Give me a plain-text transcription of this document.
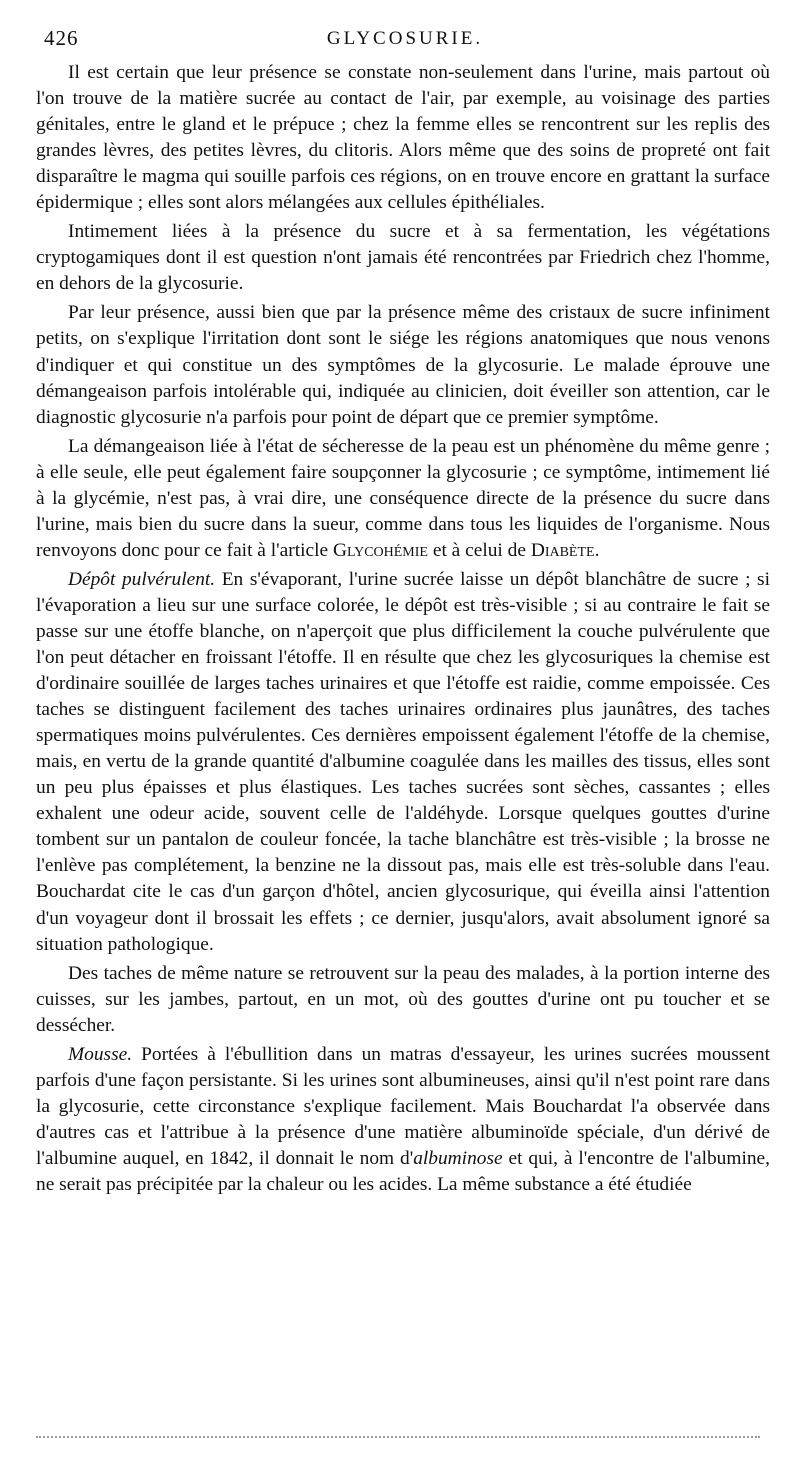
426	GLYCOSURIE.

Il est certain que leur présence se constate non-seulement dans l'urine, mais partout où l'on trouve de la matière sucrée au contact de l'air, par exemple, au voisinage des parties génitales, entre le gland et le prépuce ; chez la femme elles se rencontrent sur les replis des grandes lèvres, des petites lèvres, du clitoris. Alors même que des soins de propreté ont fait disparaître le magma qui souille parfois ces régions, on en trouve encore en grattant la surface épidermique ; elles sont alors mélangées aux cellules épithéliales.

Intimement liées à la présence du sucre et à sa fermentation, les végétations cryptogamiques dont il est question n'ont jamais été rencontrées par Friedrich chez l'homme, en dehors de la glycosurie.

Par leur présence, aussi bien que par la présence même des cristaux de sucre infiniment petits, on s'explique l'irritation dont sont le siége les régions anatomiques que nous venons d'indiquer et qui constitue un des symptômes de la glycosurie. Le malade éprouve une démangeaison parfois intolérable qui, indiquée au clinicien, doit éveiller son attention, car le diagnostic glycosurie n'a parfois pour point de départ que ce premier symptôme.

La démangeaison liée à l'état de sécheresse de la peau est un phénomène du même genre ; à elle seule, elle peut également faire soupçonner la glycosurie ; ce symptôme, intimement lié à la glycémie, n'est pas, à vrai dire, une conséquence directe de la présence du sucre dans l'urine, mais bien du sucre dans la sueur, comme dans tous les liquides de l'organisme. Nous renvoyons donc pour ce fait à l'article Glycohémie et à celui de Diabète.

Dépôt pulvérulent. En s'évaporant, l'urine sucrée laisse un dépôt blanchâtre de sucre ; si l'évaporation a lieu sur une surface colorée, le dépôt est très-visible ; si au contraire le fait se passe sur une étoffe blanche, on n'aperçoit que plus difficilement la couche pulvérulente que l'on peut détacher en froissant l'étoffe. Il en résulte que chez les glycosuriques la chemise est d'ordinaire souillée de larges taches urinaires et que l'étoffe est raidie, comme empoissée. Ces taches se distinguent facilement des taches urinaires ordinaires plus jaunâtres, des taches spermatiques moins pulvérulentes. Ces dernières empoissent également l'étoffe de la chemise, mais, en vertu de la grande quantité d'albumine coagulée dans les mailles des tissus, elles sont un peu plus épaisses et plus élastiques. Les taches sucrées sont sèches, cassantes ; elles exhalent une odeur acide, souvent celle de l'aldéhyde. Lorsque quelques gouttes d'urine tombent sur un pantalon de couleur foncée, la tache blanchâtre est très-visible ; la brosse ne l'enlève pas complétement, la benzine ne la dissout pas, mais elle est très-soluble dans l'eau. Bouchardat cite le cas d'un garçon d'hôtel, ancien glycosurique, qui éveilla ainsi l'attention d'un voyageur dont il brossait les effets ; ce dernier, jusqu'alors, avait absolument ignoré sa situation pathologique.

Des taches de même nature se retrouvent sur la peau des malades, à la portion interne des cuisses, sur les jambes, partout, en un mot, où des gouttes d'urine ont pu toucher et se dessécher.

Mousse. Portées à l'ébullition dans un matras d'essayeur, les urines sucrées moussent parfois d'une façon persistante. Si les urines sont albumineuses, ainsi qu'il n'est point rare dans la glycosurie, cette circonstance s'explique facilement. Mais Bouchardat l'a observée dans d'autres cas et l'attribue à la présence d'une matière albuminoïde spéciale, d'un dérivé de l'albumine auquel, en 1842, il donnait le nom d'albuminose et qui, à l'encontre de l'albumine, ne serait pas précipitée par la chaleur ou les acides. La même substance a été étudiée
